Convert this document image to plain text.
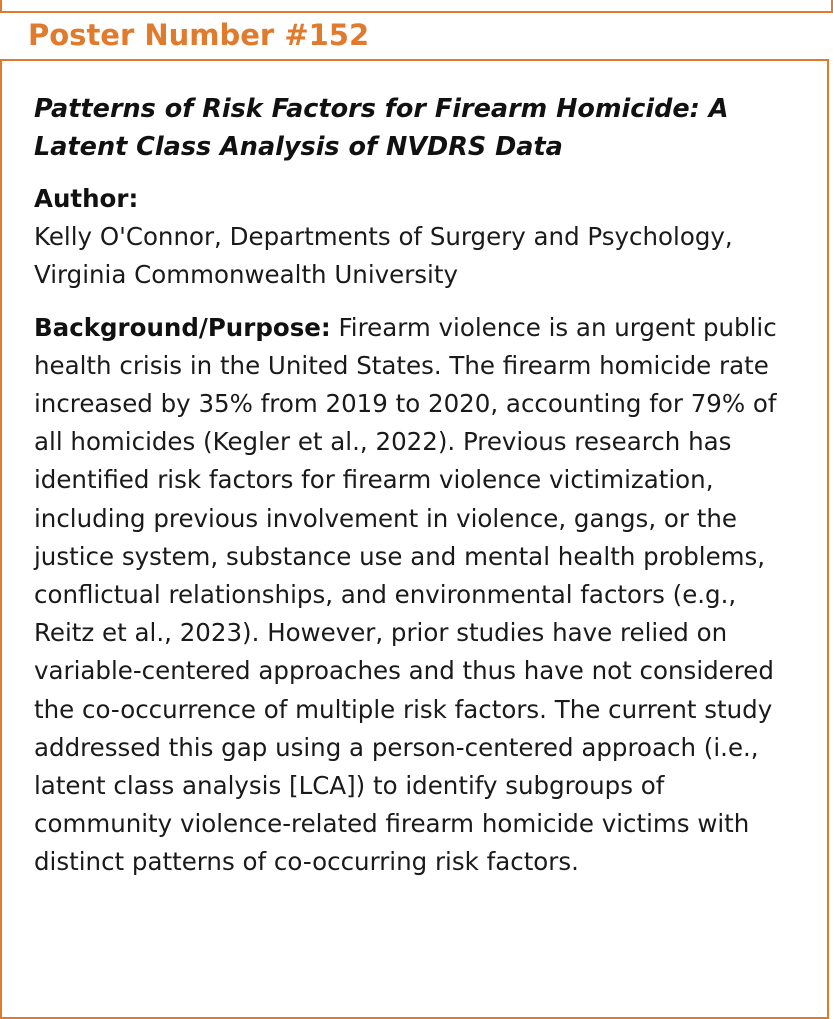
Poster Number #152

Patterns of Risk Factors for Firearm Homicide: A Latent Class Analysis of NVDRS Data

Author:

Kelly O'Connor, Departments of Surgery and Psychology, Virginia Commonwealth University

Background/Purpose: Firearm violence is an urgent public health crisis in the United States. The firearm homicide rate increased by 35% from 2019 to 2020, accounting for 79% of all homicides (Kegler et al., 2022). Previous research has identified risk factors for firearm violence victimization, including previous involvement in violence, gangs, or the justice system, substance use and mental health problems, conflictual relationships, and environmental factors (e.g., Reitz et al., 2023). However, prior studies have relied on variable-centered approaches and thus have not considered the co-occurrence of multiple risk factors. The current study addressed this gap using a person-centered approach (i.e., latent class analysis [LCA]) to identify subgroups of community violence-related firearm homicide victims with distinct patterns of co-occurring risk factors.
